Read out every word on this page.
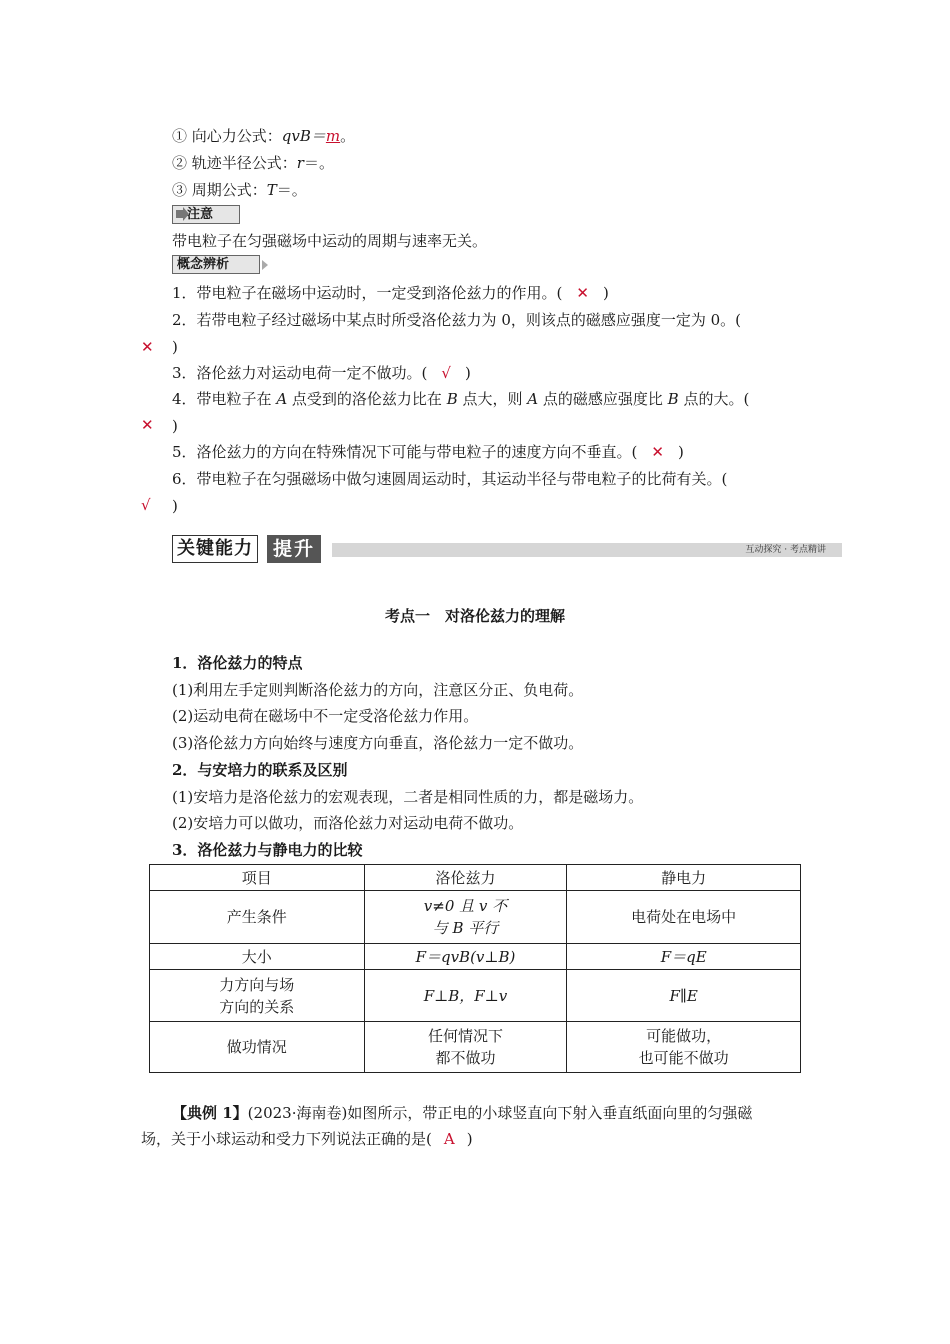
① 向心力公式：qvB＝m。
② 轨迹半径公式：r＝。
③ 周期公式：T＝。
注意
带电粒子在匀强磁场中运动的周期与速率无关。
概念辨析
1．带电粒子在磁场中运动时，一定受到洛伦兹力的作用。( ✕ )
2．若带电粒子经过磁场中某点时所受洛伦兹力为 0，则该点的磁感应强度一定为 0。(
✕ )
3．洛伦兹力对运动电荷一定不做功。( √ )
4．带电粒子在 A 点受到的洛伦兹力比在 B 点大，则 A 点的磁感应强度比 B 点的大。(
✕ )
5．洛伦兹力的方向在特殊情况下可能与带电粒子的速度方向不垂直。( ✕ )
6．带电粒子在匀强磁场中做匀速圆周运动时，其运动半径与带电粒子的比荷有关。(
√ )
关键能力	提升	互动探究 · 考点精讲
考点一　对洛伦兹力的理解
1．洛伦兹力的特点
(1)利用左手定则判断洛伦兹力的方向，注意区分正、负电荷。
(2)运动电荷在磁场中不一定受洛伦兹力作用。
(3)洛伦兹力方向始终与速度方向垂直，洛伦兹力一定不做功。
2．与安培力的联系及区别
(1)安培力是洛伦兹力的宏观表现，二者是相同性质的力，都是磁场力。
(2)安培力可以做功，而洛伦兹力对运动电荷不做功。
3．洛伦兹力与静电力的比较
项目	洛伦兹力	静电力
产生条件	v≠0 且 v 不
与 B 平行	电荷处在电场中
大小	F＝qvB(v⊥B)	F＝qE
力方向与场
方向的关系	F⊥B，F⊥v	F∥E
做功情况	任何情况下
都不做功	可能做功，
也可能不做功
【典例 1】(2023·海南卷)如图所示，带正电的小球竖直向下射入垂直纸面向里的匀强磁
场，关于小球运动和受力下列说法正确的是( A )
